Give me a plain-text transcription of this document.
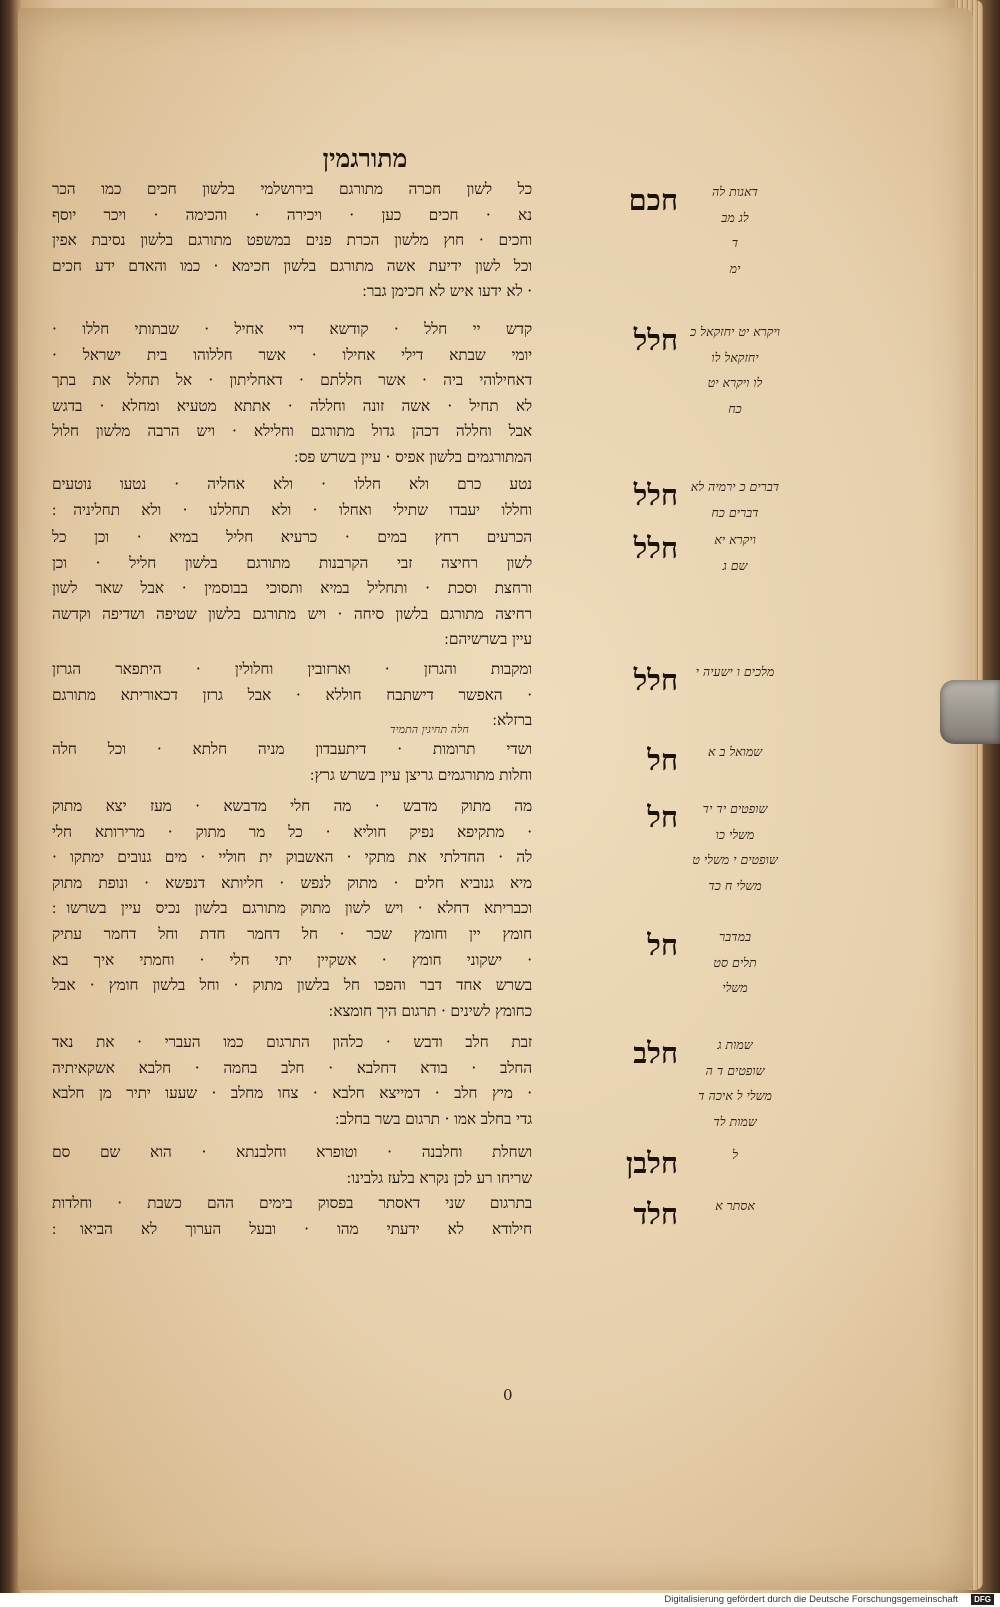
מתורגמין
חכם
כל לשון חכרה מתורגם בירושלמי בלשון חכים כמו הכר
נא · חכים כען · ויכירה · והכימה · ויכר יוסף
וחכים · חוץ מלשון הכרת פנים במשפט מתורגם בלשון נסיבת אפין
וכל לשון ידיעת אשה מתורגם בלשון חכימא · כמו והאדם ידע חכים
· לא ידעו איש לא חכימן גבר ׃
דאגות לה
לג מב
ד
ימ
חלל
קדש יי חלל · קודשא דיי אחיל · שבתותי חללו ·
יומי שבתא דילי אחילו · אשר חללוהו בית ישראל ·
דאחילוהי ביה · אשר חללתם · דאחליתון · אל תחלל את בתך
לא תחיל · אשה זונה וחללה · אתתא מטעיא ומחלא · בדגש
אבל וחללה דכהן גדול מתורגם וחלילא · ויש הרבה מלשון חלול
המתורגמים בלשון אפיס · עיין בשרש פס ׃
ויקרא יט יחזקאל כ
יחזקאל לו
לו ויקרא יט
כח
חלל
נטע כרם ולא חללו · ולא אחליה · נטעו נוטעים
וחללו יעבדו שתילי ואחלו · ולא תחללנו · ולא תחליניה ׃
דברים כ ירמיה לא
דברים כח
חלל
הכרעים רחץ במים · כרעיא חליל במיא · וכן כל
לשון רחיצה זבי הקרבנות מתורגם בלשון חליל · וכן
ורחצת וסכת · ותחליל במיא ותסוכי בבוסמין · אבל שאר לשון
רחיצה מתורגם בלשון סיחה · ויש מתורגם בלשון שטיפה ושדיפה וקדשה
עיין בשרשיהם ׃
ויקרא יא
שם ג
חלל
ומקבות והגרזן · וארזובין וחלולין · היתפאר הגרזן
· האפשר דישתבח חוללא · אבל גרזן דכאוריתא מתורגם
ברזלא ׃
מלכים ו ישעיה י
חל
ושדי תרומות · דיתעבדון מניה חלתא · וכל חלה
וחלות מתורגמים גריצן עיין בשרש גרץ ׃
שמואל ב א
חל
מה מתוק מדבש · מה חלי מדבשא · מעז יצא מתוק
· מתקיפא נפיק חוליא · כל מר מתוק · מרירותא חלי
לה · החדלתי את מתקי · האשבוק ית חוליי · מים גנובים ימתקו ·
מיא גנוביא חלים · מתוק לנפש · חליותא דנפשא · ונופת מתוק
וכבריתא דחלא · ויש לשון מתוק מתורגם בלשון נכיס עיין בשרשו ׃
שופטים יד יד
משלי כו
שופטים י משלי ט
משלי ח כד
חל
חומץ יין וחומץ שכר · חל דחמר חדת וחל דחמר עתיק
· ישקוני חומץ · אשקיין יתי חלי · וחמתי איך בא
בשרש אחד דבר והפכו חל בלשון מתוק · וחל בלשון חומץ · אבל
כחומץ לשינים · תרגום היך חומצא ׃
במדבר
תלים סט
משלי
חלב
זבת חלב ודבש · כלהון התרגום כמו העברי · את נאד
החלב · בודא דחלבא · חלב בחמה · חלבא אשקאיתיה
· מיץ חלב · דמייצא חלבא · צחו מחלב · שעעו יתיר מן חלבא
גדי בחלב אמו · תרגום בשר בחלב ׃
שמות ג
שופטים ד ה
משלי ל איכה ד
שמות לד
חלבן
ושחלת וחלבנה · וטופרא וחלבנתא · הוא שם סם
שריחו רע לכן נקרא בלעז גלבינו ׃
ל
חלד
בתרגום שני דאסתר בפסוק בימים ההם כשבת · וחלדות
חילודא לא ידעתי מהו · ובעל הערוך לא הביאו ׃
אסתר א
חלה תחיגין התמיד
0
Digitalisierung gefördert durch die Deutsche Forschungsgemeinschaft	DFG
